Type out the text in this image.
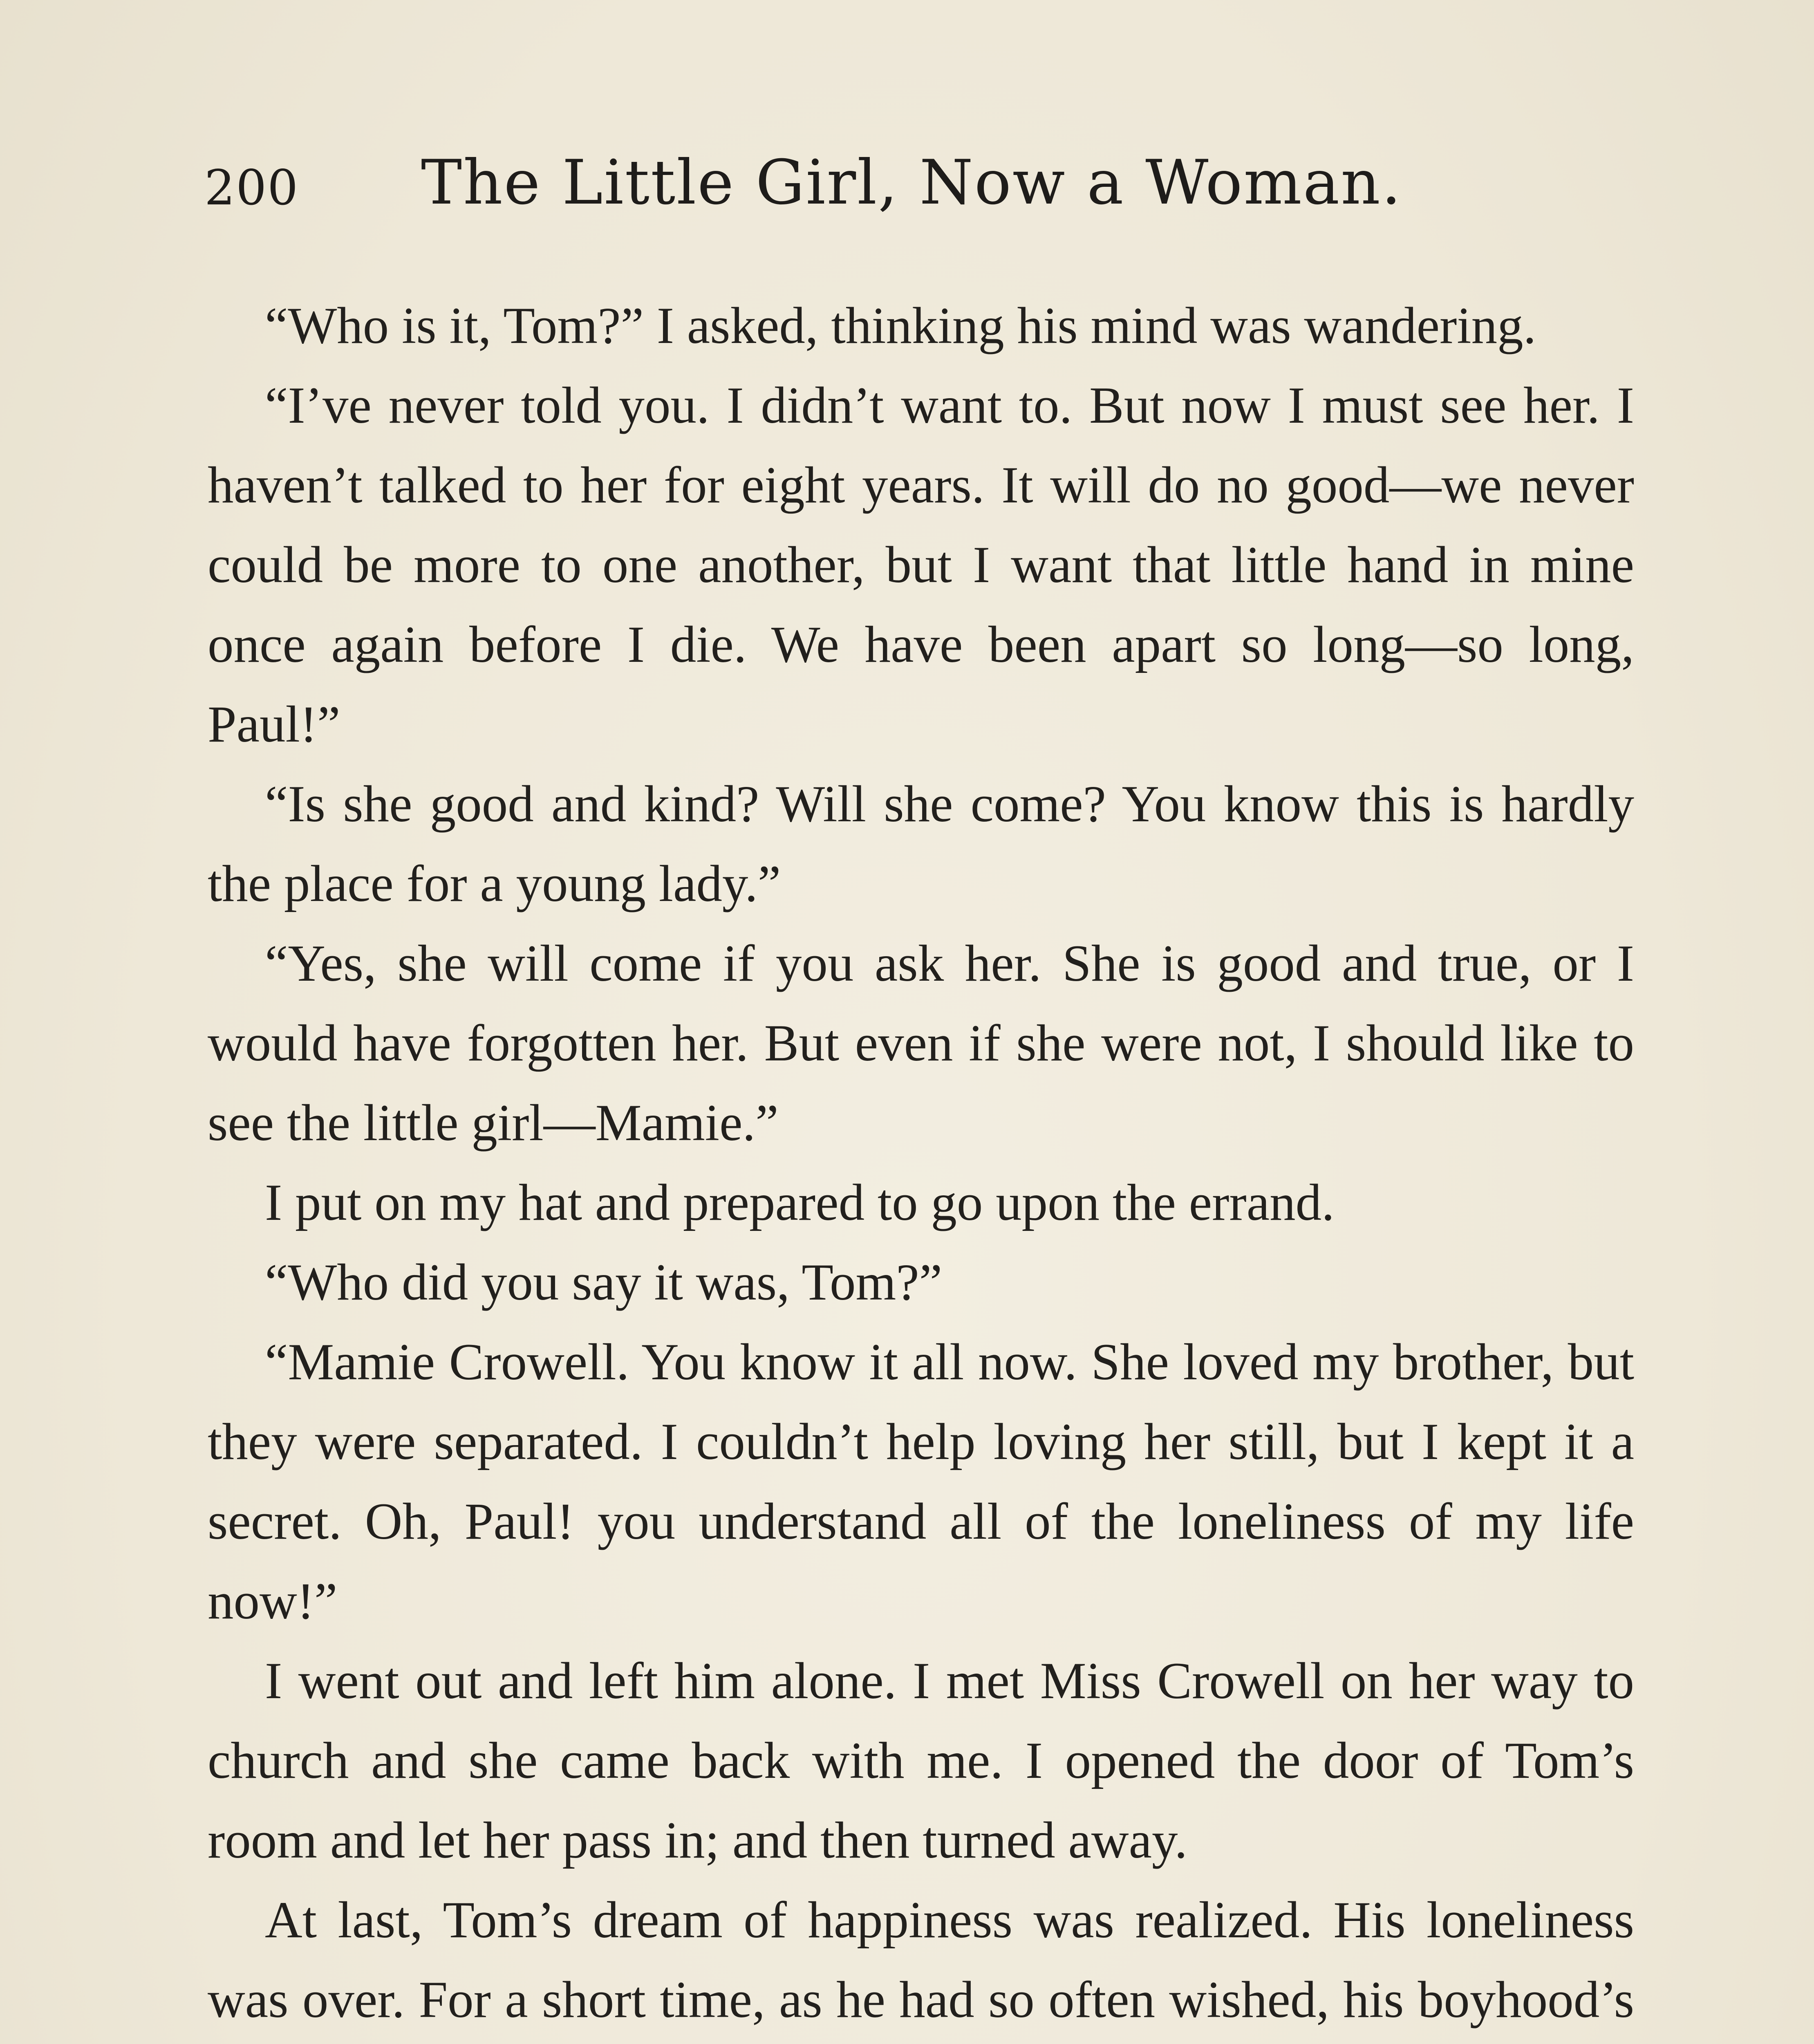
200 The Little Girl, Now a Woman.

“Who is it, Tom?” I asked, thinking his mind was wandering.

“I’ve never told you. I didn’t want to. But now I must see her. I haven’t talked to her for eight years. It will do no good—we never could be more to one another, but I want that little hand in mine once again before I die. We have been apart so long—so long, Paul!”

“Is she good and kind? Will she come? You know this is hardly the place for a young lady.”

“Yes, she will come if you ask her. She is good and true, or I would have forgotten her. But even if she were not, I should like to see the little girl—Mamie.”

I put on my hat and prepared to go upon the errand.

“Who did you say it was, Tom?”

“Mamie Crowell. You know it all now. She loved my brother, but they were separated. I couldn’t help loving her still, but I kept it a secret. Oh, Paul! you understand all of the loneliness of my life now!”

I went out and left him alone. I met Miss Crowell on her way to church and she came back with me. I opened the door of Tom’s room and let her pass in; and then turned away.

At last, Tom’s dream of happiness was realized. His loneliness was over. For a short time, as he had so often wished, his boyhood’s
